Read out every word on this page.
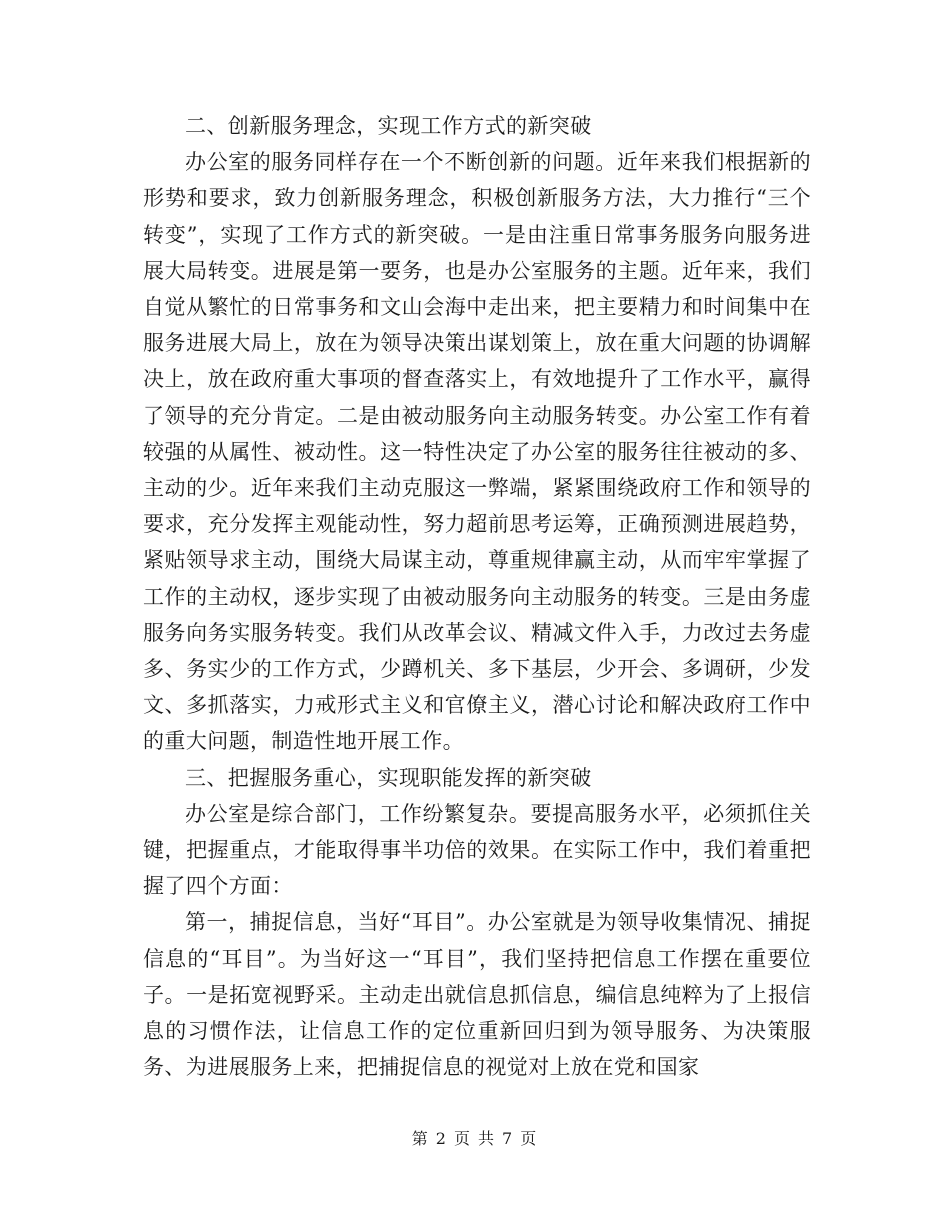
二、创新服务理念，实现工作方式的新突破

办公室的服务同样存在一个不断创新的问题。近年来我们根据新的形势和要求，致力创新服务理念，积极创新服务方法，大力推行“三个转变”，实现了工作方式的新突破。一是由注重日常事务服务向服务进展大局转变。进展是第一要务，也是办公室服务的主题。近年来，我们自觉从繁忙的日常事务和文山会海中走出来，把主要精力和时间集中在服务进展大局上，放在为领导决策出谋划策上，放在重大问题的协调解决上，放在政府重大事项的督查落实上，有效地提升了工作水平，赢得了领导的充分肯定。二是由被动服务向主动服务转变。办公室工作有着较强的从属性、被动性。这一特性决定了办公室的服务往往被动的多、主动的少。近年来我们主动克服这一弊端，紧紧围绕政府工作和领导的要求，充分发挥主观能动性，努力超前思考运筹，正确预测进展趋势，紧贴领导求主动，围绕大局谋主动，尊重规律赢主动，从而牢牢掌握了工作的主动权，逐步实现了由被动服务向主动服务的转变。三是由务虚服务向务实服务转变。我们从改革会议、精减文件入手，力改过去务虚多、务实少的工作方式，少蹲机关、多下基层，少开会、多调研，少发文、多抓落实，力戒形式主义和官僚主义，潜心讨论和解决政府工作中的重大问题，制造性地开展工作。

三、把握服务重心，实现职能发挥的新突破

办公室是综合部门，工作纷繁复杂。要提高服务水平，必须抓住关键，把握重点，才能取得事半功倍的效果。在实际工作中，我们着重把握了四个方面：

第一，捕捉信息，当好“耳目”。办公室就是为领导收集情况、捕捉信息的“耳目”。为当好这一“耳目”，我们坚持把信息工作摆在重要位子。一是拓宽视野采。主动走出就信息抓信息，编信息纯粹为了上报信息的习惯作法，让信息工作的定位重新回归到为领导服务、为决策服务、为进展服务上来，把捕捉信息的视觉对上放在党和国家

第 2 页 共 7 页
